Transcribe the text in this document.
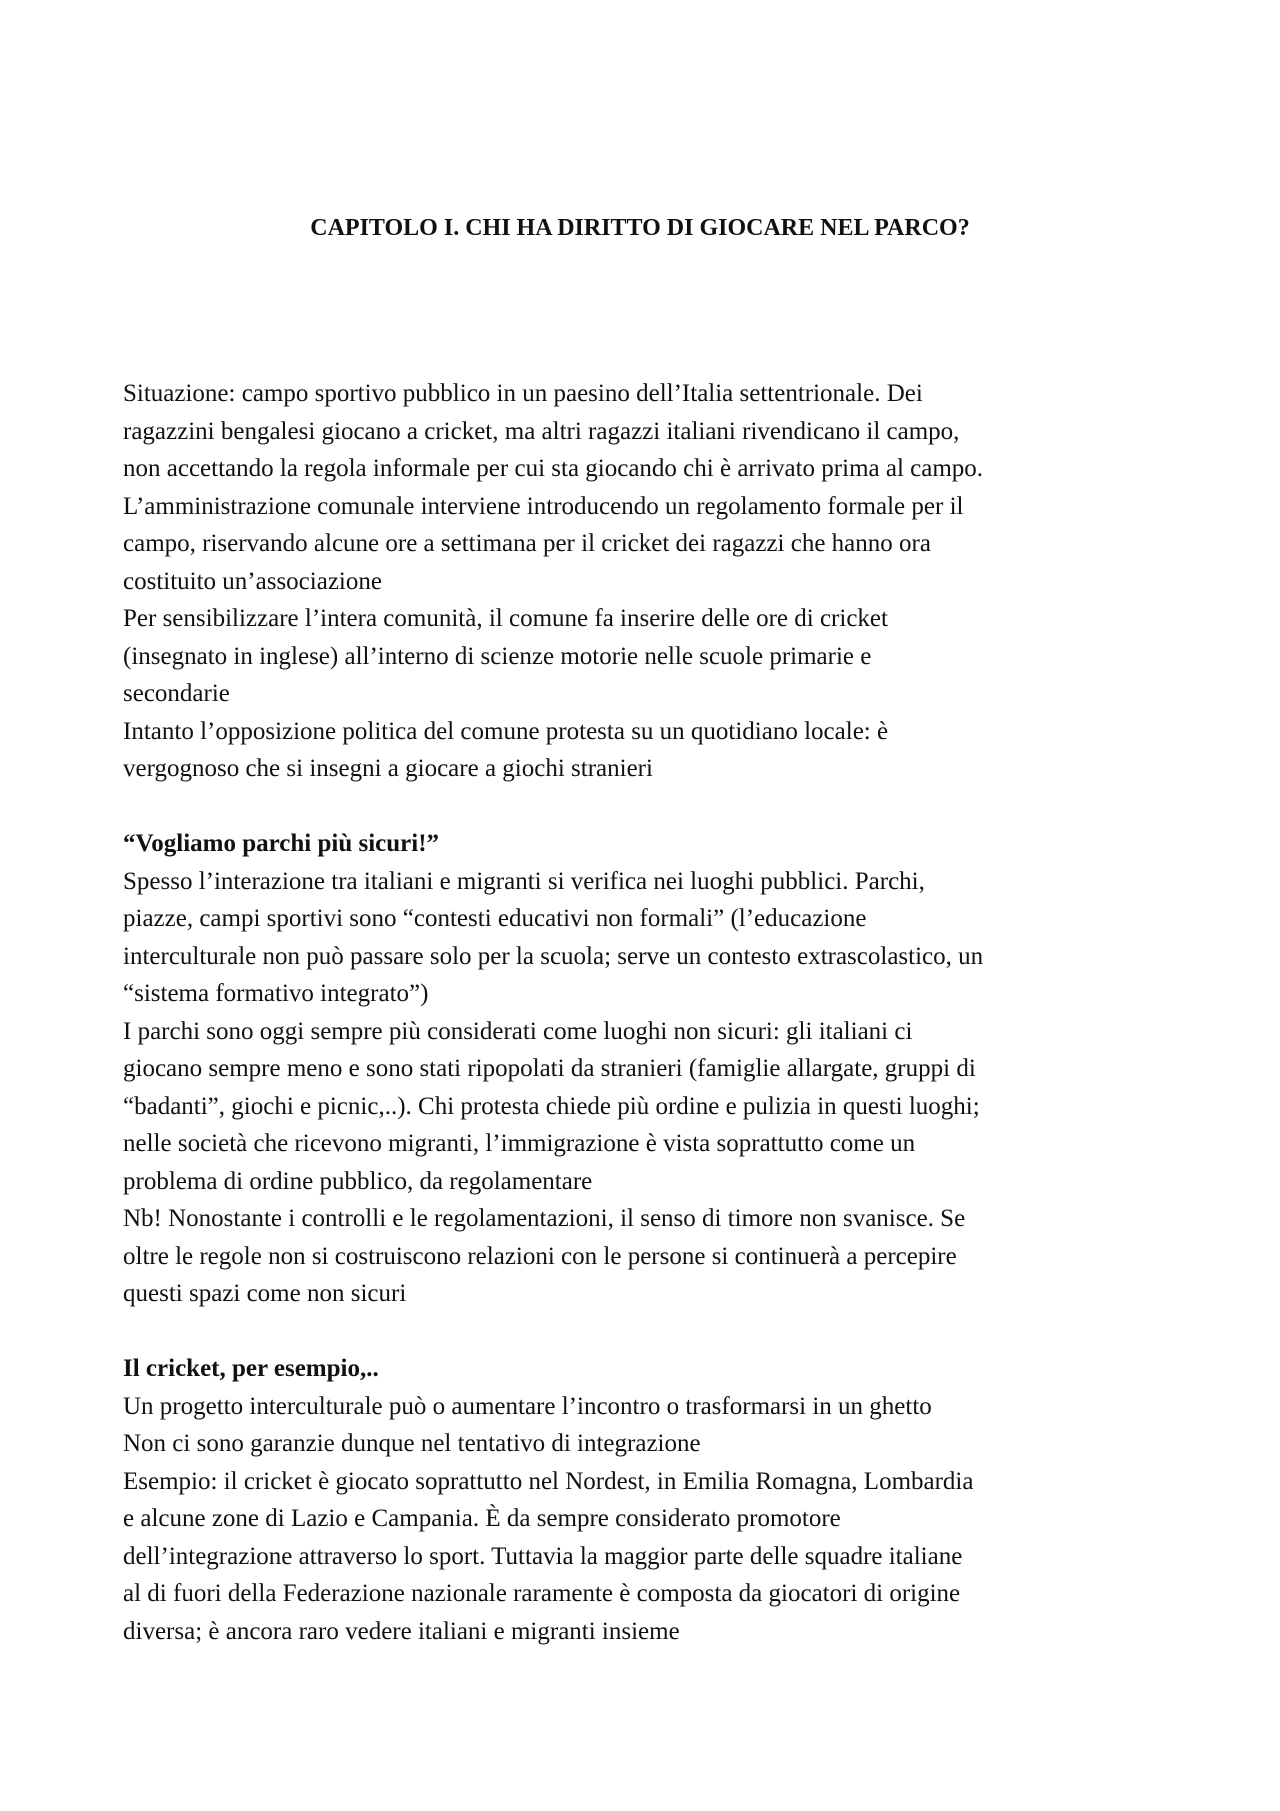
CAPITOLO I. CHI HA DIRITTO DI GIOCARE NEL PARCO?
Situazione: campo sportivo pubblico in un paesino dell’Italia settentrionale. Dei
ragazzini bengalesi giocano a cricket, ma altri ragazzi italiani rivendicano il campo,
non accettando la regola informale per cui sta giocando chi è arrivato prima al campo.
L’amministrazione comunale interviene introducendo un regolamento formale per il
campo, riservando alcune ore a settimana per il cricket dei ragazzi che hanno ora
costituito un’associazione
Per sensibilizzare l’intera comunità, il comune fa inserire delle ore di cricket
(insegnato in inglese) all’interno di scienze motorie nelle scuole primarie e
secondarie
Intanto l’opposizione politica del comune protesta su un quotidiano locale: è
vergognoso che si insegni a giocare a giochi stranieri
“Vogliamo parchi più sicuri!”
Spesso l’interazione tra italiani e migranti si verifica nei luoghi pubblici. Parchi,
piazze, campi sportivi sono “contesti educativi non formali” (l’educazione
interculturale non può passare solo per la scuola; serve un contesto extrascolastico, un
“sistema formativo integrato”)
I parchi sono oggi sempre più considerati come luoghi non sicuri: gli italiani ci
giocano sempre meno e sono stati ripopolati da stranieri (famiglie allargate, gruppi di
“badanti”, giochi e picnic,..). Chi protesta chiede più ordine e pulizia in questi luoghi;
nelle società che ricevono migranti, l’immigrazione è vista soprattutto come un
problema di ordine pubblico, da regolamentare
Nb! Nonostante i controlli e le regolamentazioni, il senso di timore non svanisce. Se
oltre le regole non si costruiscono relazioni con le persone si continuerà a percepire
questi spazi come non sicuri
Il cricket, per esempio,..
Un progetto interculturale può o aumentare l’incontro o trasformarsi in un ghetto
Non ci sono garanzie dunque nel tentativo di integrazione
Esempio: il cricket è giocato soprattutto nel Nordest, in Emilia Romagna, Lombardia
e alcune zone di Lazio e Campania. È da sempre considerato promotore
dell’integrazione attraverso lo sport. Tuttavia la maggior parte delle squadre italiane
al di fuori della Federazione nazionale raramente è composta da giocatori di origine
diversa; è ancora raro vedere italiani e migranti insieme
